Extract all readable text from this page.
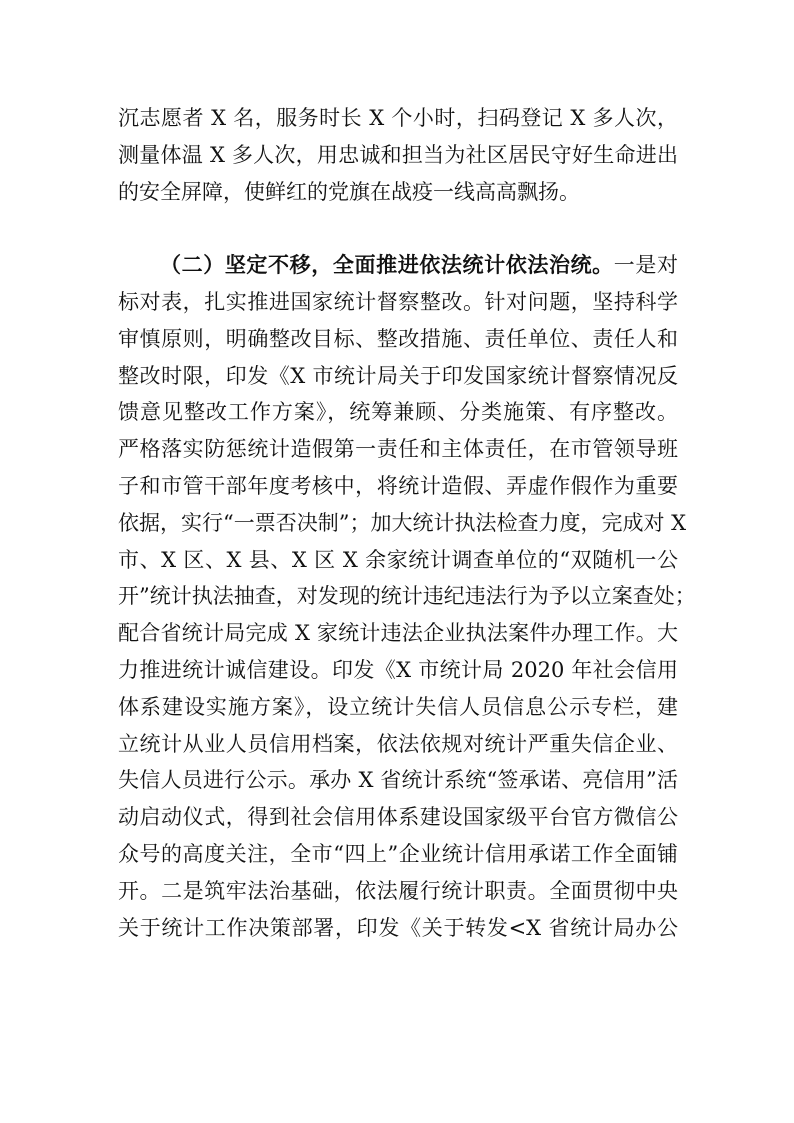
沉志愿者 X 名，服务时长 X 个小时，扫码登记 X 多人次，
测量体温 X 多人次，用忠诚和担当为社区居民守好生命进出
的安全屏障，使鲜红的党旗在战疫一线高高飘扬。
（二）坚定不移，全面推进依法统计依法治统。一是对
标对表，扎实推进国家统计督察整改。针对问题，坚持科学
审慎原则，明确整改目标、整改措施、责任单位、责任人和
整改时限，印发《X 市统计局关于印发国家统计督察情况反
馈意见整改工作方案》，统筹兼顾、分类施策、有序整改。
严格落实防惩统计造假第一责任和主体责任，在市管领导班
子和市管干部年度考核中，将统计造假、弄虚作假作为重要
依据，实行“一票否决制”；加大统计执法检查力度，完成对 X
市、X 区、X 县、X 区 X 余家统计调查单位的“双随机一公
开”统计执法抽查，对发现的统计违纪违法行为予以立案查处；
配合省统计局完成 X 家统计违法企业执法案件办理工作。大
力推进统计诚信建设。印发《X 市统计局 2020 年社会信用
体系建设实施方案》，设立统计失信人员信息公示专栏，建
立统计从业人员信用档案，依法依规对统计严重失信企业、
失信人员进行公示。承办 X 省统计系统“签承诺、亮信用”活
动启动仪式，得到社会信用体系建设国家级平台官方微信公
众号的高度关注，全市“四上”企业统计信用承诺工作全面铺
开。二是筑牢法治基础，依法履行统计职责。全面贯彻中央
关于统计工作决策部署，印发《关于转发<X 省统计局办公
